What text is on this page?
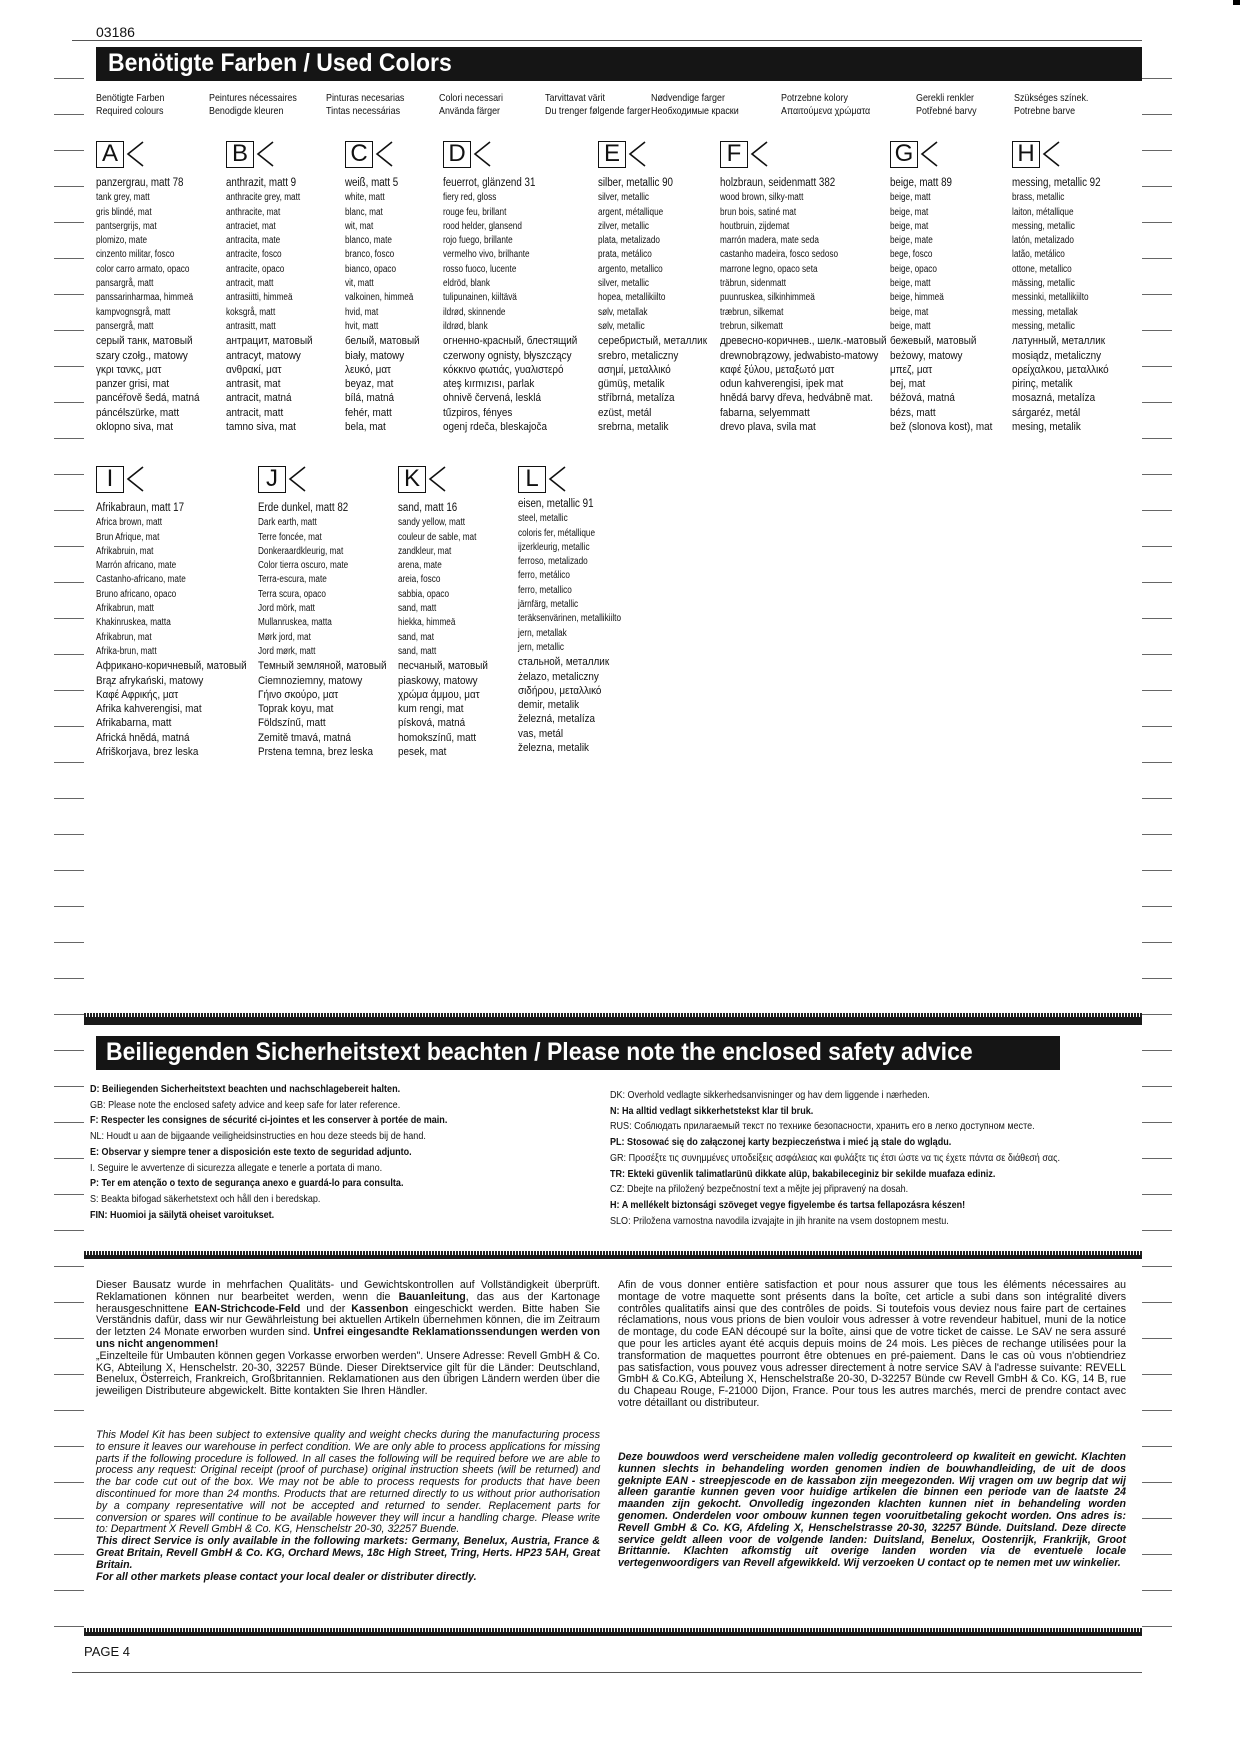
03186
Benötigte Farben / Used Colors
Benötigte Farben
Required colours
Peintures nécessaires
Benodigde kleuren
Pinturas necesarias
Tintas necessárias
Colori necessari
Använda färger
Tarvittavat värit
Du trenger følgende farger
Nødvendige farger
Необходимые краски
Potrzebne kolory
Απαιτούμενα χρώματα
Gerekli renkler
Potřebné barvy
Szükséges színek.
Potrebne barve
A
panzergrau, matt 78
tank grey, matt
gris blindé, mat
pantsergrijs, mat
plomizo, mate
cinzento militar, fosco
color carro armato, opaco
pansargrå, matt
panssarinharmaa, himmeä
kampvognsgrå, matt
pansergrå, matt
серый танк, матовый
szary czołg., matowy
γκρι τανκς, ματ
panzer grisi, mat
pancéřově šedá, matná
páncélszürke, matt
oklopno siva, mat
B
anthrazit, matt 9
anthracite grey, matt
anthracite, mat
antraciet, mat
antracita, mate
antracite, fosco
antracite, opaco
antracit, matt
antrasiitti, himmeä
koksgrå, matt
antrasitt, matt
антрацит, матовый
antracyt, matowy
ανθρακί, ματ
antrasit, mat
antracit, matná
antracit, matt
tamno siva, mat
C
weiß, matt 5
white, matt
blanc, mat
wit, mat
blanco, mate
branco, fosco
bianco, opaco
vit, matt
valkoinen, himmeä
hvid, mat
hvit, matt
белый, матовый
biały, matowy
λευκό, ματ
beyaz, mat
bílá, matná
fehér, matt
bela, mat
D
feuerrot, glänzend 31
fiery red, gloss
rouge feu, brillant
rood helder, glansend
rojo fuego, brillante
vermelho vivo, brilhante
rosso fuoco, lucente
eldröd, blank
tulipunainen, kiiltävä
ildrød, skinnende
ildrød, blank
огненно-красный, блестящий
czerwony ognisty, błyszczący
κόκκινο φωτιάς, γυαλιστερό
ateş kırmızısı, parlak
ohnivě červená, lesklá
tűzpiros, fényes
ogenj rdeča, bleskajoča
E
silber, metallic 90
silver, metallic
argent, métallique
zilver, metallic
plata, metalizado
prata, metálico
argento, metallico
silver, metallic
hopea, metallikiilto
sølv, metallak
sølv, metallic
серебристый, металлик
srebro, metaliczny
ασημί, μεταλλικό
gümüş, metalik
stříbrná, metalíza
ezüst, metál
srebrna, metalik
F
holzbraun, seidenmatt 382
wood brown, silky-matt
brun bois, satiné mat
houtbruin, zijdemat
marrón madera, mate seda
castanho madeira, fosco sedoso
marrone legno, opaco seta
träbrun, sidenmatt
puunruskea, silkinhimmeä
træbrun, silkemat
trebrun, silkematt
древесно-коричнев., шелк.-матовый
drewnobrązowy, jedwabisto-matowy
καφέ ξύλου, μεταξωτό ματ
odun kahverengisi, ipek mat
hnědá barvy dřeva, hedvábně mat.
fabarna, selyemmatt
drevo plava, svila mat
G
beige, matt 89
beige, matt
beige, mat
beige, mat
beige, mate
bege, fosco
beige, opaco
beige, matt
beige, himmeä
beige, mat
beige, matt
бежевый, матовый
beżowy, matowy
μπεζ, ματ
bej, mat
béžová, matná
bézs, matt
bež (slonova kost), mat
H
messing, metallic 92
brass, metallic
laiton, métallique
messing, metallic
latón, metalizado
latão, metálico
ottone, metallico
mässing, metallic
messinki, metallikiilto
messing, metallak
messing, metallic
латунный, металлик
mosiądz, metaliczny
ορείχαλκου, μεταλλικό
pirinç, metalik
mosazná, metalíza
sárgaréz, metál
mesing, metalik
I
Afrikabraun, matt 17
Africa brown, matt
Brun Afrique, mat
Afrikabruin, mat
Marrón africano, mate
Castanho-africano, mate
Bruno africano, opaco
Afrikabrun, matt
Khakinruskea, matta
Afrikabrun, mat
Afrika-brun, matt
Африкано-коричневый, матовый
Brąz afrykański, matowy
Καφέ Αφρικής, ματ
Afrika kahverengisi, mat
Afrikabarna, matt
Africká hnědá, matná
Afriškorjava, brez leska
J
Erde dunkel, matt 82
Dark earth, matt
Terre foncée, mat
Donkeraardkleurig, mat
Color tierra oscuro, mate
Terra-escura, mate
Terra scura, opaco
Jord mörk, matt
Mullanruskea, matta
Mørk jord, mat
Jord mørk, matt
Темный земляной, матовый
Ciemnoziemny, matowy
Γήινο σκούρο, ματ
Toprak koyu, mat
Földszínű, matt
Zemitě tmavá, matná
Prstena temna, brez leska
K
sand, matt 16
sandy yellow, matt
couleur de sable, mat
zandkleur, mat
arena, mate
areia, fosco
sabbia, opaco
sand, matt
hiekka, himmeä
sand, mat
sand, matt
песчаный, матовый
piaskowy, matowy
χρώμα άμμου, ματ
kum rengi, mat
písková, matná
homokszínű, matt
pesek, mat
L
eisen, metallic 91
steel, metallic
coloris fer, métallique
ijzerkleurig, metallic
ferroso, metalizado
ferro, metálico
ferro, metallico
järnfärg, metallic
teräksenvärinen, metallikiilto
jern, metallak
jern, metallic
стальной, металлик
żelazo, metaliczny
σιδήρου, μεταλλικό
demir, metalik
železná, metalíza
vas, metál
železna, metalik
Beiliegenden Sicherheitstext beachten / Please note the enclosed safety advice
D: Beiliegenden Sicherheitstext beachten und nachschlagebereit halten.
GB: Please note the enclosed safety advice and keep safe for later reference.
F: Respecter les consignes de sécurité ci-jointes et les conserver à portée de main.
NL: Houdt u aan de bijgaande veiligheidsinstructies en hou deze steeds bij de hand.
E: Observar y siempre tener a disposición este texto de seguridad adjunto.
I. Seguire le avvertenze di sicurezza allegate e tenerle a portata di mano.
P: Ter em atenção o texto de segurança anexo e guardá-lo para consulta.
S: Beakta bifogad säkerhetstext och håll den i beredskap.
FIN: Huomioi ja säilytä oheiset varoitukset.
DK: Overhold vedlagte sikkerhedsanvisninger og hav dem liggende i nærheden.
N: Ha alltid vedlagt sikkerhetstekst klar til bruk.
RUS: Соблюдать прилагаемый текст по технике безопасности, хранить его в легко доступном месте.
PL: Stosować się do załączonej karty bezpieczeństwa i mieć ją stale do wglądu.
GR: Προσέξτε τις συνημμένες υποδείξεις ασφάλειας και φυλάξτε τις έτσι ώστε να τις έχετε πάντα σε διάθεσή σας.
TR: Ekteki güvenlik talimatlarünü dikkate alüp, bakabileceginiz bir sekilde muafaza ediniz.
CZ: Dbejte na přiložený bezpečnostní text a mějte jej připravený na dosah.
H: A mellékelt biztonsági szöveget vegye figyelembe és tartsa fellapozásra készen!
SLO: Priložena varnostna navodila izvajajte in jih hranite na vsem dostopnem mestu.

Dieser Bausatz wurde in mehrfachen Qualitäts- und Gewichtskontrollen auf Vollständigkeit überprüft. Reklamationen können nur bearbeitet werden, wenn die Bauanleitung, das aus der Kartonage herausgeschnittene EAN-Strichcode-Feld und der Kassenbon eingeschickt werden. Bitte haben Sie Verständnis dafür, dass wir nur Gewährleistung bei aktuellen Artikeln übernehmen können, die im Zeitraum der letzten 24 Monate erworben wurden sind. Unfrei eingesandte Reklamationssendungen werden von uns nicht angenommen!

„Einzelteile für Umbauten können gegen Vorkasse erworben werden". Unsere Adresse: Revell GmbH & Co. KG, Abteilung X, Henschelstr. 20-30, 32257 Bünde. Dieser Direktservice gilt für die Länder: Deutschland, Benelux, Österreich, Frankreich, Großbritannien. Reklamationen aus den übrigen Ländern werden über die jeweiligen Distributeure abgewickelt. Bitte kontakten Sie Ihren Händler.

This Model Kit has been subject to extensive quality and weight checks during the manufacturing process to ensure it leaves our warehouse in perfect condition. We are only able to process applications for missing parts if the following procedure is followed. In all cases the following will be required before we are able to process any request: Original receipt (proof of purchase) original instruction sheets (will be returned) and the bar code cut out of the box. We may not be able to process requests for products that have been discontinued for more than 24 months. Products that are returned directly to us without prior authorisation by a company representative will not be accepted and returned to sender. Replacement parts for conversion or spares will continue to be available however they will incur a handling charge. Please write to: Department X Revell GmbH & Co. KG, Henschelstr 20-30, 32257 Buende.

This direct Service is only available in the following markets: Germany, Benelux, Austria, France & Great Britain, Revell GmbH & Co. KG, Orchard Mews, 18c High Street, Tring, Herts. HP23 5AH, Great Britain.

For all other markets please contact your local dealer or distributer directly.

Afin de vous donner entière satisfaction et pour nous assurer que tous les éléments nécessaires au montage de votre maquette sont présents dans la boîte, cet article a subi dans son intégralité divers contrôles qualitatifs ainsi que des contrôles de poids. Si toutefois vous deviez nous faire part de certaines réclamations, nous vous prions de bien vouloir vous adresser à votre revendeur habituel, muni de la notice de montage, du code EAN découpé sur la boîte, ainsi que de votre ticket de caisse. Le SAV ne sera assuré que pour les articles ayant été acquis depuis moins de 24 mois. Les pièces de rechange utilisées pour la transformation de maquettes pourront être obtenues en pré-paiement. Dans le cas où vous n'obtiendriez pas satisfaction, vous pouvez vous adresser directement à notre service SAV à l'adresse suivante: REVELL GmbH & Co.KG, Abteilung X, Henschelstraße 20-30, D-32257 Bünde cw Revell GmbH & Co. KG, 14 B, rue du Chapeau Rouge, F-21000 Dijon, France. Pour tous les autres marchés, merci de prendre contact avec votre détaillant ou distributeur.

Deze bouwdoos werd verscheidene malen volledig gecontroleerd op kwaliteit en gewicht. Klachten kunnen slechts in behandeling worden genomen indien de bouwhandleiding, de uit de doos geknipte EAN - streepjescode en de kassabon zijn meegezonden. Wij vragen om uw begrip dat wij alleen garantie kunnen geven voor huidige artikelen die binnen een periode van de laatste 24 maanden zijn gekocht. Onvolledig ingezonden klachten kunnen niet in behandeling worden genomen. Onderdelen voor ombouw kunnen tegen vooruitbetaling gekocht worden. Ons adres is: Revell GmbH & Co. KG, Afdeling X, Henschelstrasse 20-30, 32257 Bünde. Duitsland. Deze directe service geldt alleen voor de volgende landen: Duitsland, Benelux, Oostenrijk, Frankrijk, Groot Brittannie. Klachten afkomstig uit overige landen worden via de eventuele locale vertegenwoordigers van Revell afgewikkeld. Wij verzoeken U contact op te nemen met uw winkelier.

PAGE 4
